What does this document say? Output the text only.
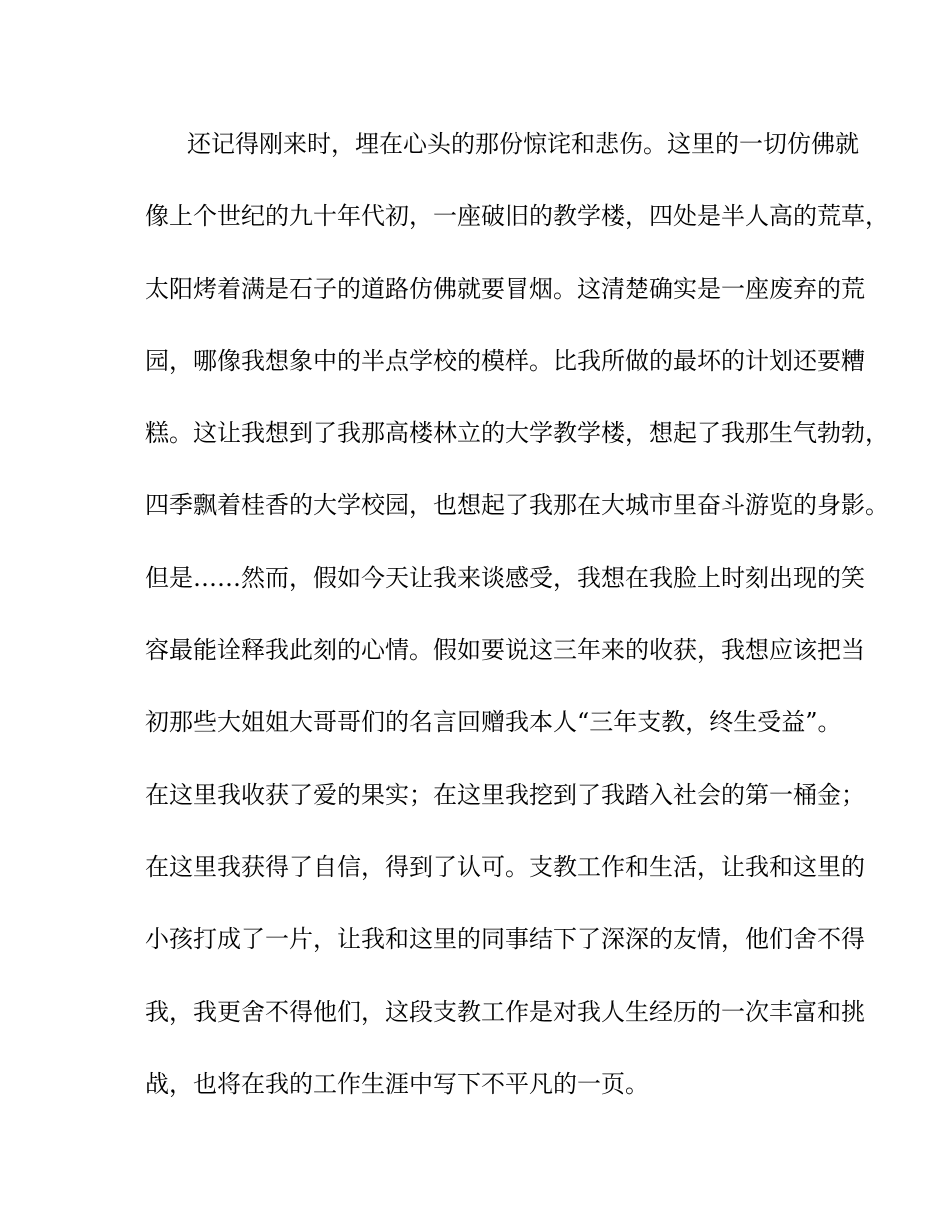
还记得刚来时，埋在心头的那份惊诧和悲伤。这里的一切仿佛就
像上个世纪的九十年代初，一座破旧的教学楼，四处是半人高的荒草，
太阳烤着满是石子的道路仿佛就要冒烟。这清楚确实是一座废弃的荒
园，哪像我想象中的半点学校的模样。比我所做的最坏的计划还要糟
糕。这让我想到了我那高楼林立的大学教学楼，想起了我那生气勃勃，
四季飘着桂香的大学校园，也想起了我那在大城市里奋斗游览的身影。
但是……然而，假如今天让我来谈感受，我想在我脸上时刻出现的笑
容最能诠释我此刻的心情。假如要说这三年来的收获，我想应该把当
初那些大姐姐大哥哥们的名言回赠我本人“三年支教，终生受益”。
在这里我收获了爱的果实；在这里我挖到了我踏入社会的第一桶金；
在这里我获得了自信，得到了认可。支教工作和生活，让我和这里的
小孩打成了一片，让我和这里的同事结下了深深的友情，他们舍不得
我，我更舍不得他们，这段支教工作是对我人生经历的一次丰富和挑
战，也将在我的工作生涯中写下不平凡的一页。
